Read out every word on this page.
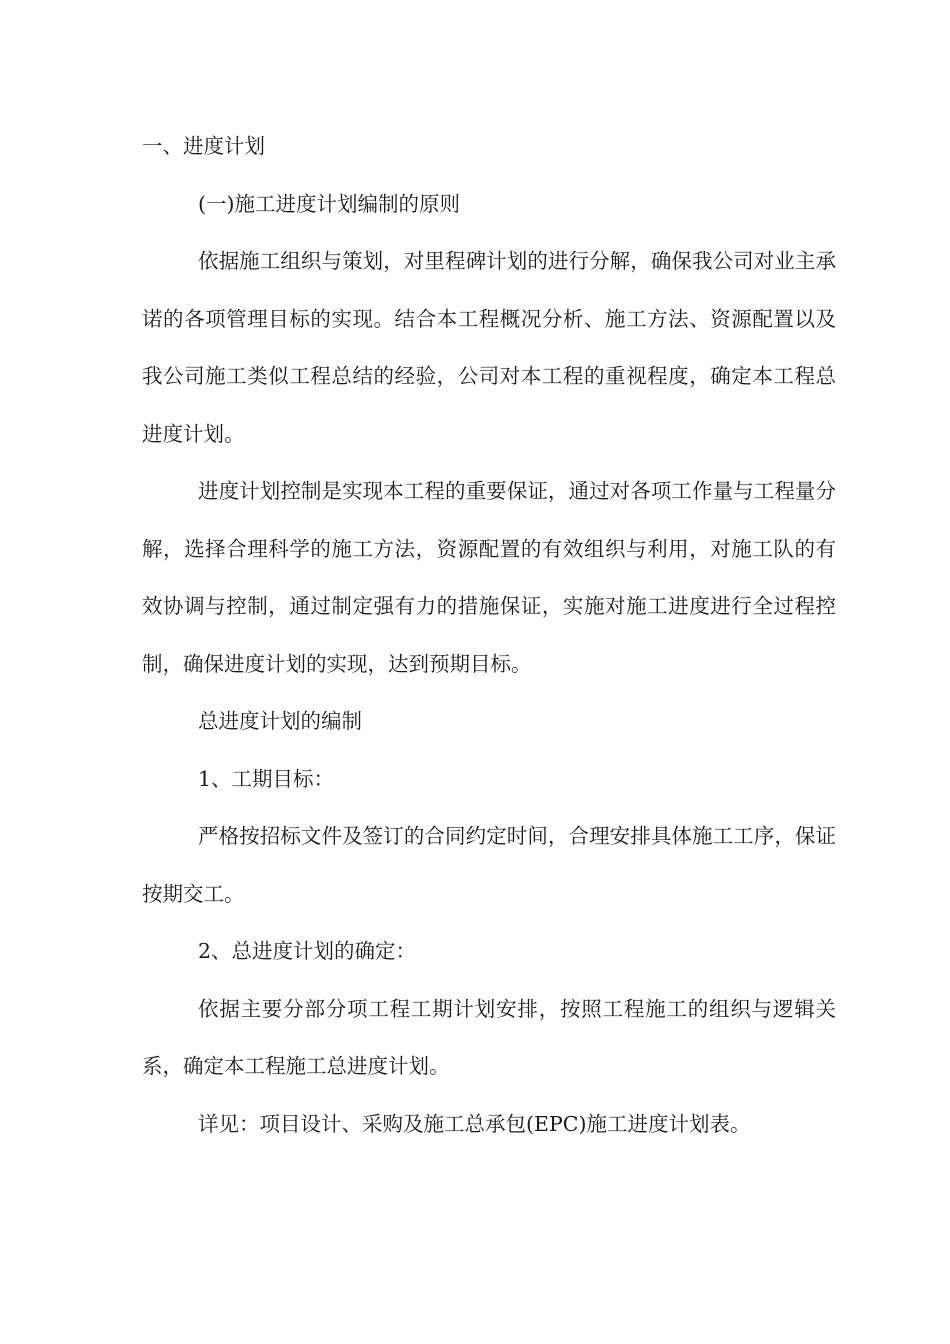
一、进度计划

(一)施工进度计划编制的原则

依据施工组织与策划，对里程碑计划的进行分解，确保我公司对业主承诺的各项管理目标的实现。结合本工程概况分析、施工方法、资源配置以及我公司施工类似工程总结的经验，公司对本工程的重视程度，确定本工程总进度计划。

进度计划控制是实现本工程的重要保证，通过对各项工作量与工程量分解，选择合理科学的施工方法，资源配置的有效组织与利用，对施工队的有效协调与控制，通过制定强有力的措施保证，实施对施工进度进行全过程控制，确保进度计划的实现，达到预期目标。

总进度计划的编制

1、工期目标：

严格按招标文件及签订的合同约定时间，合理安排具体施工工序，保证按期交工。

2、总进度计划的确定：

依据主要分部分项工程工期计划安排，按照工程施工的组织与逻辑关系，确定本工程施工总进度计划。

详见：项目设计、采购及施工总承包(EPC)施工进度计划表。
